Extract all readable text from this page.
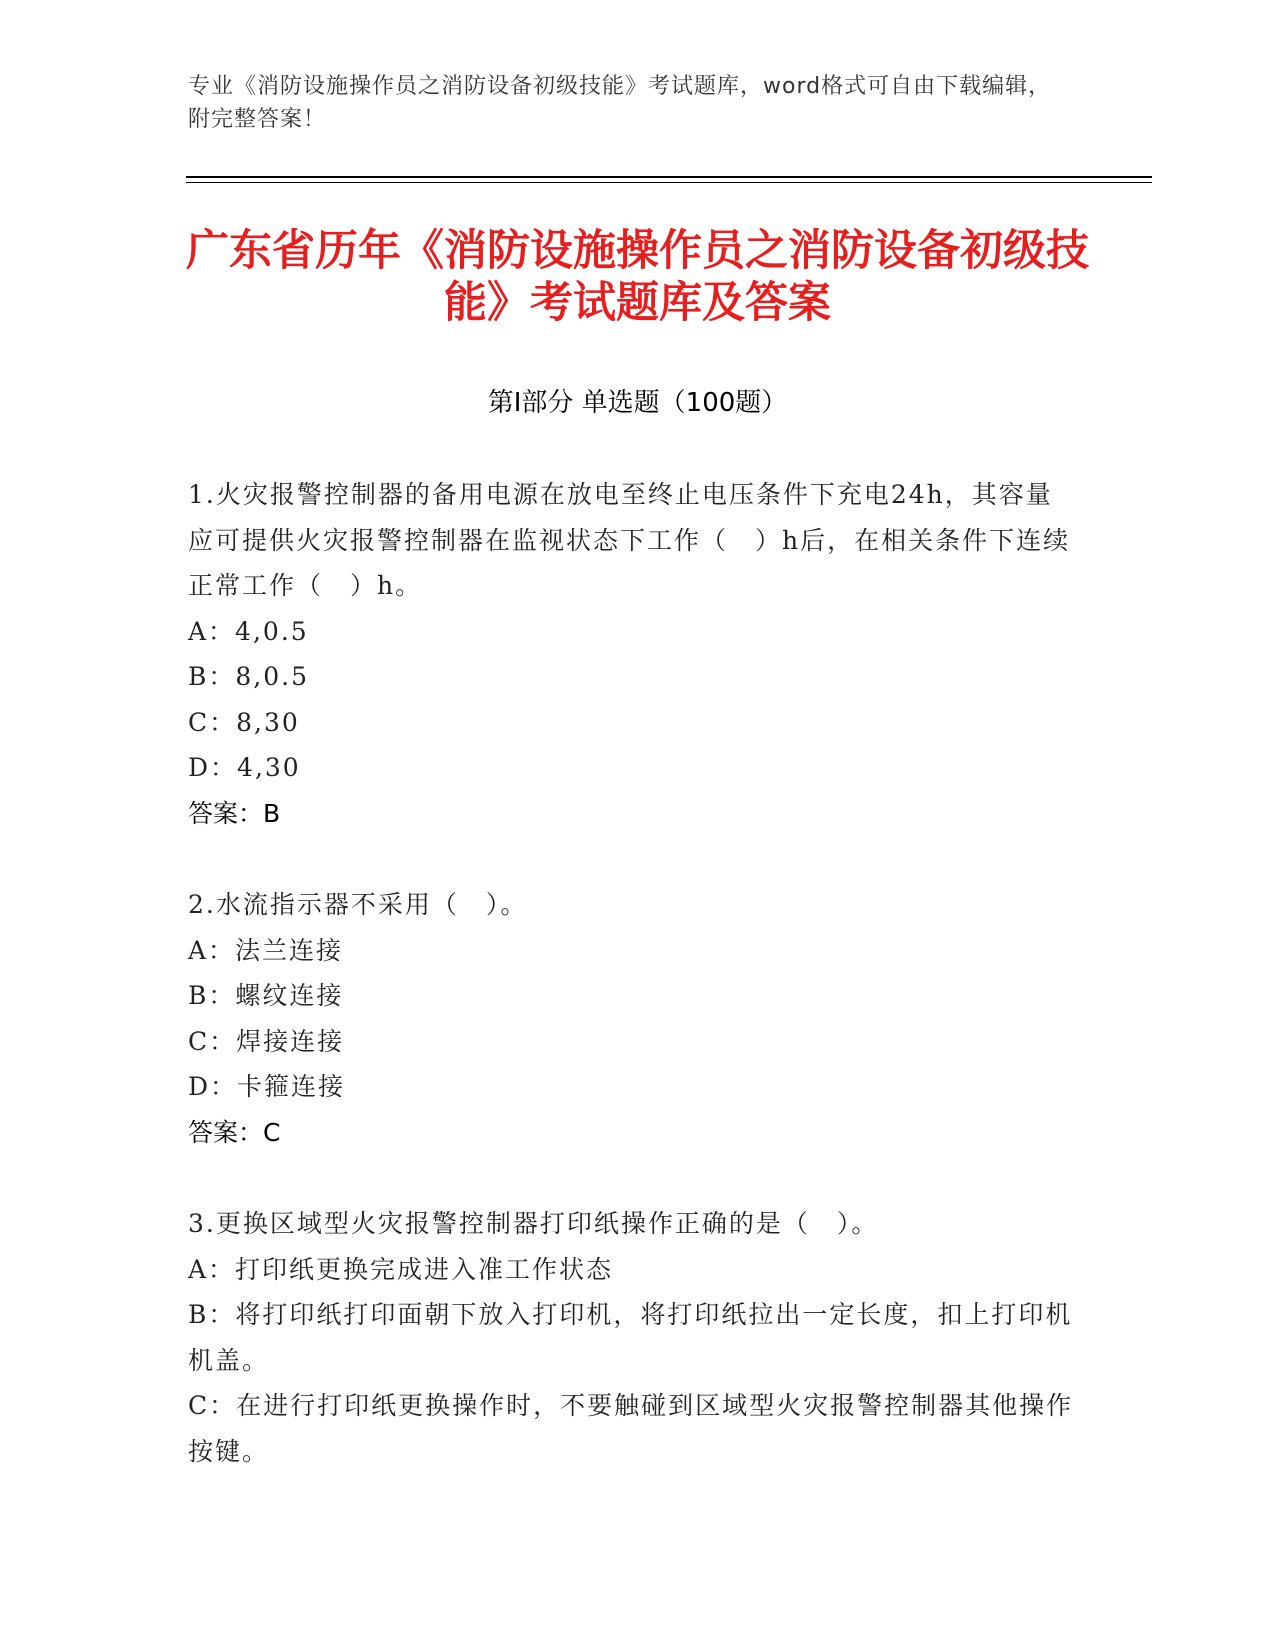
专业《消防设施操作员之消防设备初级技能》考试题库，word格式可自由下载编辑，附完整答案！
广东省历年《消防设施操作员之消防设备初级技能》考试题库及答案
第Ⅰ部分 单选题（100题）

1.火灾报警控制器的备用电源在放电至终止电压条件下充电24h，其容量应可提供火灾报警控制器在监视状态下工作（　）h后，在相关条件下连续正常工作（　）h。

A：4,0.5

B：8,0.5

C：8,30

D：4,30

答案：B

2.水流指示器不采用（　）。

A：法兰连接

B：螺纹连接

C：焊接连接

D：卡箍连接

答案：C

3.更换区域型火灾报警控制器打印纸操作正确的是（　）。

A：打印纸更换完成进入准工作状态

B：将打印纸打印面朝下放入打印机，将打印纸拉出一定长度，扣上打印机机盖。

C：在进行打印纸更换操作时，不要触碰到区域型火灾报警控制器其他操作按键。
